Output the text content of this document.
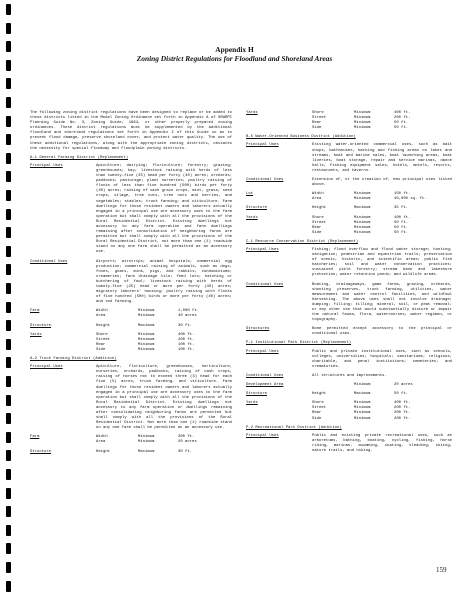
Appendix H
Zoning District Regulations for Floodland and Shoreland Areas

The following zoning district regulations have been designed to replace or be added to those districts listed in the Model Zoning Ordinance set forth in Appendix A of SEWRPC Planning Guide No. 3, Zoning Guide, 1964, or other properly prepared zoning ordinances. These district regulations must be supplemented by the additional floodland and shoreland regulations set forth in Appendix I of this Guide so as to prevent flood damage, preserve shoreland cover, and protect water quality. The use of these additional regulations, along with the appropriate zoning districts, obviates the necessity for special floodway and floodplain zoning districts.

A-1 General Farming District (Replacement)
Principal Uses	Apiculture; dairying; floriculture; forestry; grazing; greenhouses; hay; livestock raising with herds of less than twenty-five (25) head per forty (40) acres; orchards; paddocks; pasturage; plant nurseries; poultry raising of flocks of less than five hundred (500) birds per forty (40) acres; raising of cash grain crops, mint, grass, seed crops, silage, tree nuts, tree nuts and berries, and vegetables; stables; truck farming; and viticulture. Farm dwellings for those resident owners and laborers actually engaged in a principal use are accessory uses to the farm operation but shall comply with all the provisions of the Rural Residential District. Existing dwellings not accessory to any farm operation and farm dwellings remaining after consolidation of neighboring farms are permitted but shall comply with all the provisions of the Rural Residential District, not more than one (1) roadside stand on any one farm shall be permitted as an accessory use.
Conditional Uses	Airports; airstrips; animal hospitals; commercial egg production; commercial raising of animals, such as dogs, foxes, goats, mink, pigs, and rabbits; condominiums; creameries; farm drainage tile; feed lots; hatching or butchering of fowl; livestock raising with herds of twenty-five (25) head or more per forty (40) acres; migratory laborers' housing; poultry raising with flocks of five hundred (500) birds or more per forty (40) acres; and sod farming.
Farm	Width	Minimum	1,000 ft.
Area	Minimum	40 acres
Structure	Height	Maximum	30 ft.
Yards	Shore	Minimum	400 ft.
Street	Minimum	200 ft.
Rear	Minimum	100 ft.
Side	Minimum	100 ft.
A-2 Truck Farming District (Addition)
Principal Uses	Apiculture, floriculture, greenhouses, horticulture, nurseries, orchards, paddocks, raising of cash crops, raising of horses not to exceed three (3) head for each five (5) acres, truck farming, and viticulture. Farm dwellings for those resident owners and laborers actually engaged in a principal use are accessory uses to the farm operation but shall comply with all the provisions of the Rural Residential District. Existing dwellings not accessory to any farm operation or dwellings remaining after consolidating neighboring farms are permitted but shall comply with all the provisions of the Rural Residential District. Not more than one (1) roadside stand on any one farm shall be permitted as an accessory use.
Farm	Width	Minimum	300 ft.
Area	Minimum	20 acres
Structure	Height	Maximum	30 ft.
Yards	Shore	Minimum	400 ft.
Street	Minimum	200 ft.
Rear	Minimum	50 ft.
Side	Minimum	50 ft.
B-5 Water-Oriented Business District (Addition)
Principal Uses	Existing water-oriented commercial uses, such as bait shops, bathhouses, bathing and fishing areas on lakes and streams, boat and marine sales, boat launching areas, boat liveries, boat storage, repair and service marinas, dance halls, fishing equipment sales, hotels, motels, resorts, restaurants, and taverns.
Conditional Uses	Extension of, or the creation of, new principal uses listed above.
Lot	Width	Minimum	150 ft.
Area	Minimum	40,000 sq. ft.
Structure	Height	Maximum	35 ft.
Yards	Shore	Minimum	100 ft.
Street	Minimum	50 ft.
Rear	Minimum	50 ft.
Side	Minimum	50 ft.
C-1 Resource Conservation District (Replacement)
Principal Uses	Fishing; flood overflow and flood water storage; hunting; navigation; pedestrian and equestrian trails; preservation of scenic, historic, and scientific areas; public fish hatcheries; soil and water conservation practices; sustained yield forestry; stream bank and lakeshore protection; water retention ponds; and wildlife areas.
Conditional Uses	Boating, drainageways, game farms, grazing, orchards, shooting preserves, truck farming, utilities, water measurement and water control facilities, and wildfowl harvesting. The above uses shall not involve drainage; dumping; filling; tilling; mineral, soil, or peat removal; or any other use that would substantially disturb or impair the natural fauna, flora, watercourses, water regimen, or topography.
Structures	None permitted except accessory to the principal or conditional uses.
P-1 Institutional Park District (Replacement)
Principal Uses	Public and private institutional uses, such as schools, colleges, universities; hospitals; sanitariums; religious, charitable, and penal institutions; cemeteries; and crematories.
Conditional Uses	All structures and improvements.
Development Area	Minimum	20 acres
Structure	Height	Maximum	50 ft.
Yards	Shore	Minimum	400 ft.
Street	Minimum	200 ft.
Rear	Minimum	200 ft.
Side	Minimum	200 ft.
P-2 Recreational Park District (Addition)
Principal Uses	Public and existing private recreational uses, such as arboretums, bathing, boating, cycling, fishing, horse riding, marinas, swimming, skating, sledding, skiing, nature trails, and hiking.
159
